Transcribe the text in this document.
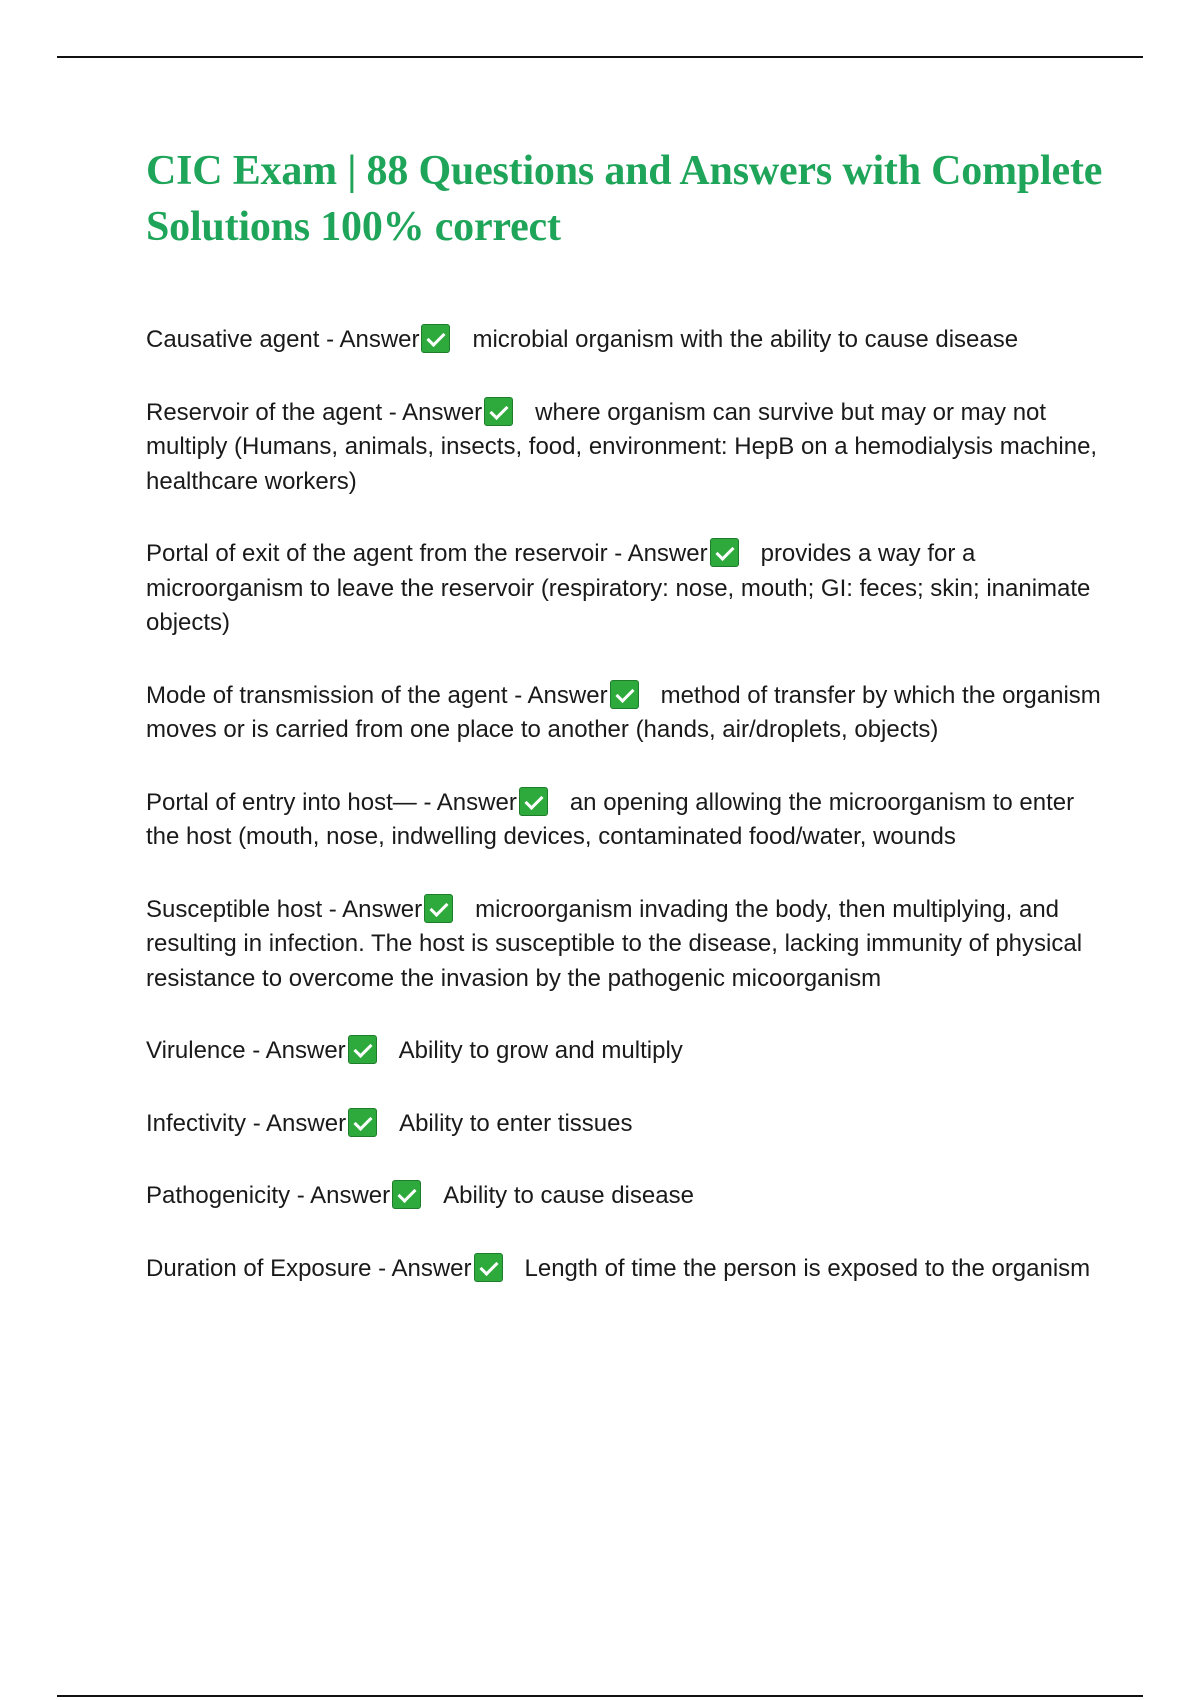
CIC Exam | 88 Questions and Answers with Complete Solutions 100% correct

Causative agent - Answer microbial organism with the ability to cause disease

Reservoir of the agent - Answer where organism can survive but may or may not multiply (Humans, animals, insects, food, environment: HepB on a hemodialysis machine, healthcare workers)

Portal of exit of the agent from the reservoir - Answer provides a way for a microorganism to leave the reservoir (respiratory: nose, mouth; GI: feces; skin; inanimate objects)

Mode of transmission of the agent - Answer method of transfer by which the organism moves or is carried from one place to another (hands, air/droplets, objects)

Portal of entry into host— - Answer an opening allowing the microorganism to enter the host (mouth, nose, indwelling devices, contaminated food/water, wounds

Susceptible host - Answer microorganism invading the body, then multiplying, and resulting in infection. The host is susceptible to the disease, lacking immunity of physical resistance to overcome the invasion by the pathogenic micoorganism

Virulence - Answer Ability to grow and multiply

Infectivity - Answer Ability to enter tissues

Pathogenicity - Answer Ability to cause disease

Duration of Exposure - Answer Length of time the person is exposed to the organism
